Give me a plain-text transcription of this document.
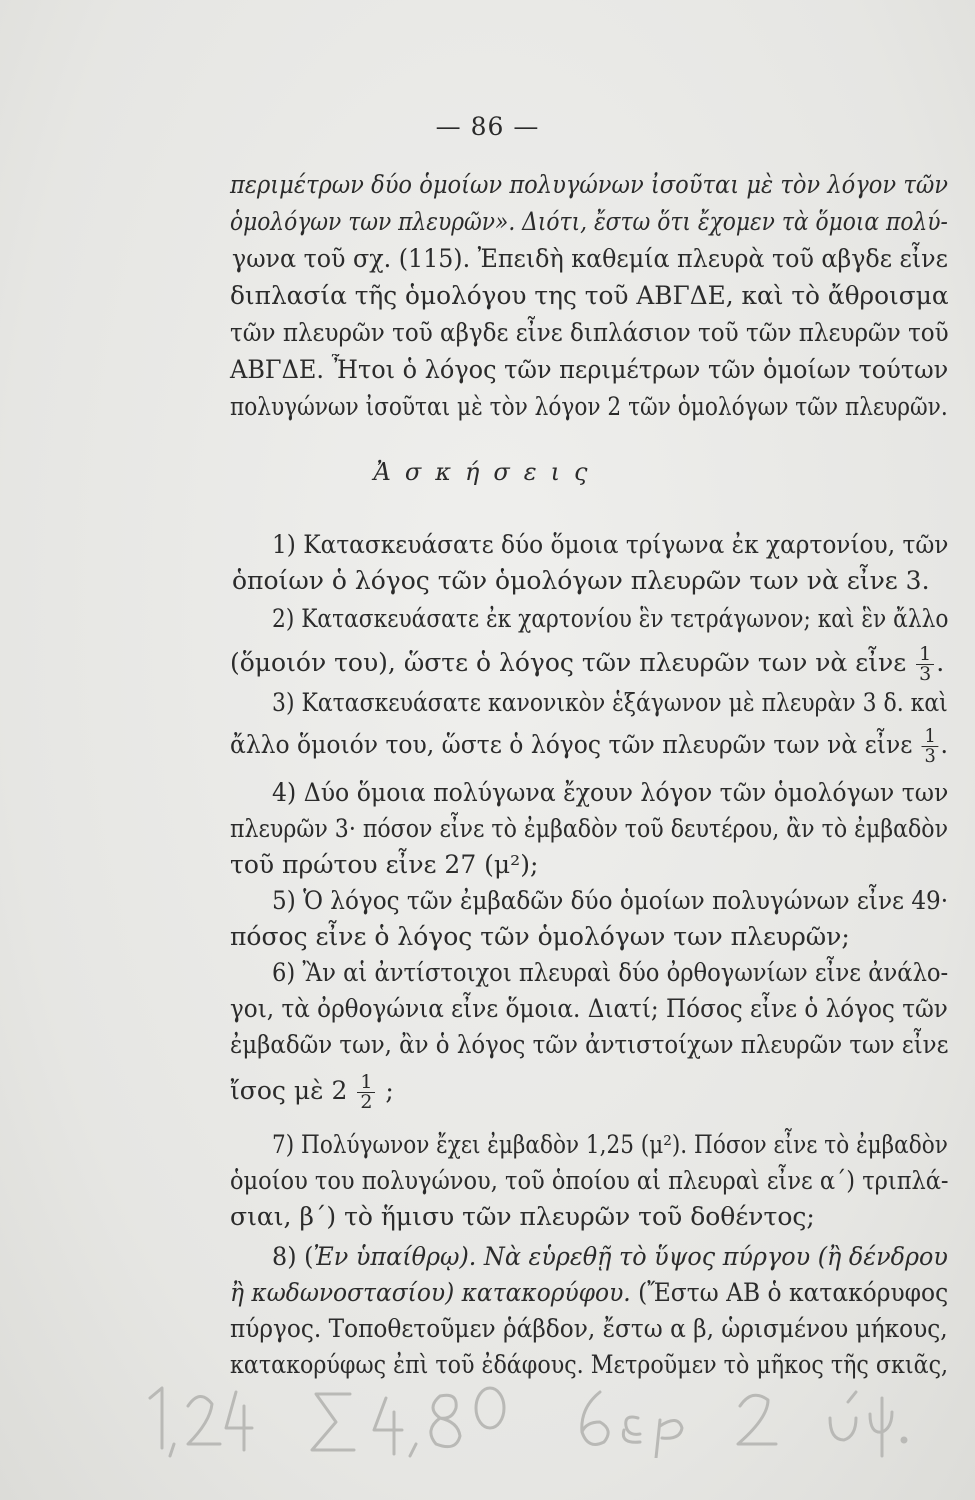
— 86 —
περιμέτρων δύο ὁμοίων πολυγώνων ἰσοῦται μὲ τὸν λόγον τῶν
ὁμολόγων των πλευρῶν». Διότι, ἔστω ὅτι ἔχομεν τὰ ὅμοια πολύ-
γωνα τοῦ σχ. (115). Ἐπειδὴ καθεμία πλευρὰ τοῦ αβγδε εἶνε
διπλασία τῆς ὁμολόγου της τοῦ ΑΒΓΔΕ, καὶ τὸ ἄθροισμα
τῶν πλευρῶν τοῦ αβγδε εἶνε διπλάσιον τοῦ τῶν πλευρῶν τοῦ
ΑΒΓΔΕ. Ἦτοι ὁ λόγος τῶν περιμέτρων τῶν ὁμοίων τούτων
πολυγώνων ἰσοῦται μὲ τὸν λόγον 2 τῶν ὁμολόγων τῶν πλευρῶν.
Ἀσκήσεις
1) Κατασκευάσατε δύο ὅμοια τρίγωνα ἐκ χαρτονίου, τῶν
ὁποίων ὁ λόγος τῶν ὁμολόγων πλευρῶν των νὰ εἶνε 3.
2) Κατασκευάσατε ἐκ χαρτονίου ἓν τετράγωνον; καὶ ἓν ἄλλο
(ὅμοιόν του), ὥστε ὁ λόγος τῶν πλευρῶν των νὰ εἶνε $\frac{1}{3}$ .
3) Κατασκευάσατε κανονικὸν ἑξάγωνον μὲ πλευρὰν 3 δ. καὶ
ἄλλο ὅμοιόν του, ὥστε ὁ λόγος τῶν πλευρῶν των νὰ εἶνε $\frac{1}{3}$ .
4) Δύο ὅμοια πολύγωνα ἔχουν λόγον τῶν ὁμολόγων των
πλευρῶν 3· πόσον εἶνε τὸ ἐμβαδὸν τοῦ δευτέρου, ἂν τὸ ἐμβαδὸν
τοῦ πρώτου εἶνε 27 (μ²);
5) Ὁ λόγος τῶν ἐμβαδῶν δύο ὁμοίων πολυγώνων εἶνε 49·
πόσος εἶνε ὁ λόγος τῶν ὁμολόγων των πλευρῶν;
6) Ἂν αἱ ἀντίστοιχοι πλευραὶ δύο ὀρθογωνίων εἶνε ἀνάλο-
γοι, τὰ ὀρθογώνια εἶνε ὅμοια. Διατί; Πόσος εἶνε ὁ λόγος τῶν
ἐμβαδῶν των, ἂν ὁ λόγος τῶν ἀντιστοίχων πλευρῶν των εἶνε
ἴσος μὲ $2 \frac{1}{2}$ ;
7) Πολύγωνον ἔχει ἐμβαδὸν 1,25 (μ²). Πόσον εἶνε τὸ ἐμβαδὸν
ὁμοίου του πολυγώνου, τοῦ ὁποίου αἱ πλευραὶ εἶνε α΄) τριπλά-
σιαι, β΄) τὸ ἥμισυ τῶν πλευρῶν τοῦ δοθέντος;
8) (Ἐν ὑπαίθρῳ). Νὰ εὑρεθῇ τὸ ὕψος πύργου (ἢ δένδρου
ἢ κωδωνοστασίου) κατακορύφου. (Ἔστω ΑΒ ὁ κατακόρυφος
πύργος. Τοποθετοῦμεν ῥάβδον, ἔστω α β, ὡρισμένου μήκους,
κατακορύφως ἐπὶ τοῦ ἐδάφους. Μετροῦμεν τὸ μῆκος τῆς σκιᾶς,
